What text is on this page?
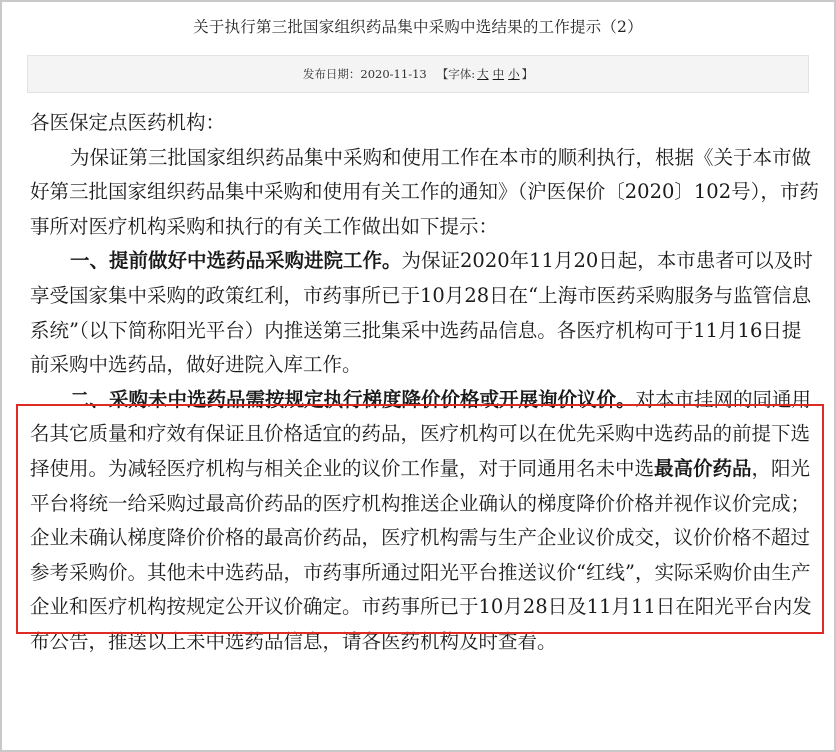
关于执行第三批国家组织药品集中采购中选结果的工作提示（2）
发布日期： 2020-11-13 【字体: 大 中 小 】

各医保定点医药机构：

为保证第三批国家组织药品集中采购和使用工作在本市的顺利执行，根据《关于本市做好第三批国家组织药品集中采购和使用有关工作的通知》（沪医保价〔2020〕102号），市药事所对医疗机构采购和执行的有关工作做出如下提示：

一、提前做好中选药品采购进院工作。为保证2020年11月20日起，本市患者可以及时享受国家集中采购的政策红利，市药事所已于10月28日在“上海市医药采购服务与监管信息系统”（以下简称阳光平台）内推送第三批集采中选药品信息。各医疗机构可于11月16日提前采购中选药品，做好进院入库工作。

二、采购未中选药品需按规定执行梯度降价价格或开展询价议价。对本市挂网的同通用名其它质量和疗效有保证且价格适宜的药品，医疗机构可以在优先采购中选药品的前提下选择使用。为减轻医疗机构与相关企业的议价工作量，对于同通用名未中选最高价药品，阳光平台将统一给采购过最高价药品的医疗机构推送企业确认的梯度降价价格并视作议价完成；企业未确认梯度降价价格的最高价药品，医疗机构需与生产企业议价成交，议价价格不超过参考采购价。其他未中选药品，市药事所通过阳光平台推送议价“红线”，实际采购价由生产企业和医疗机构按规定公开议价确定。市药事所已于10月28日及11月11日在阳光平台内发布公告，推送以上未中选药品信息，请各医药机构及时查看。
